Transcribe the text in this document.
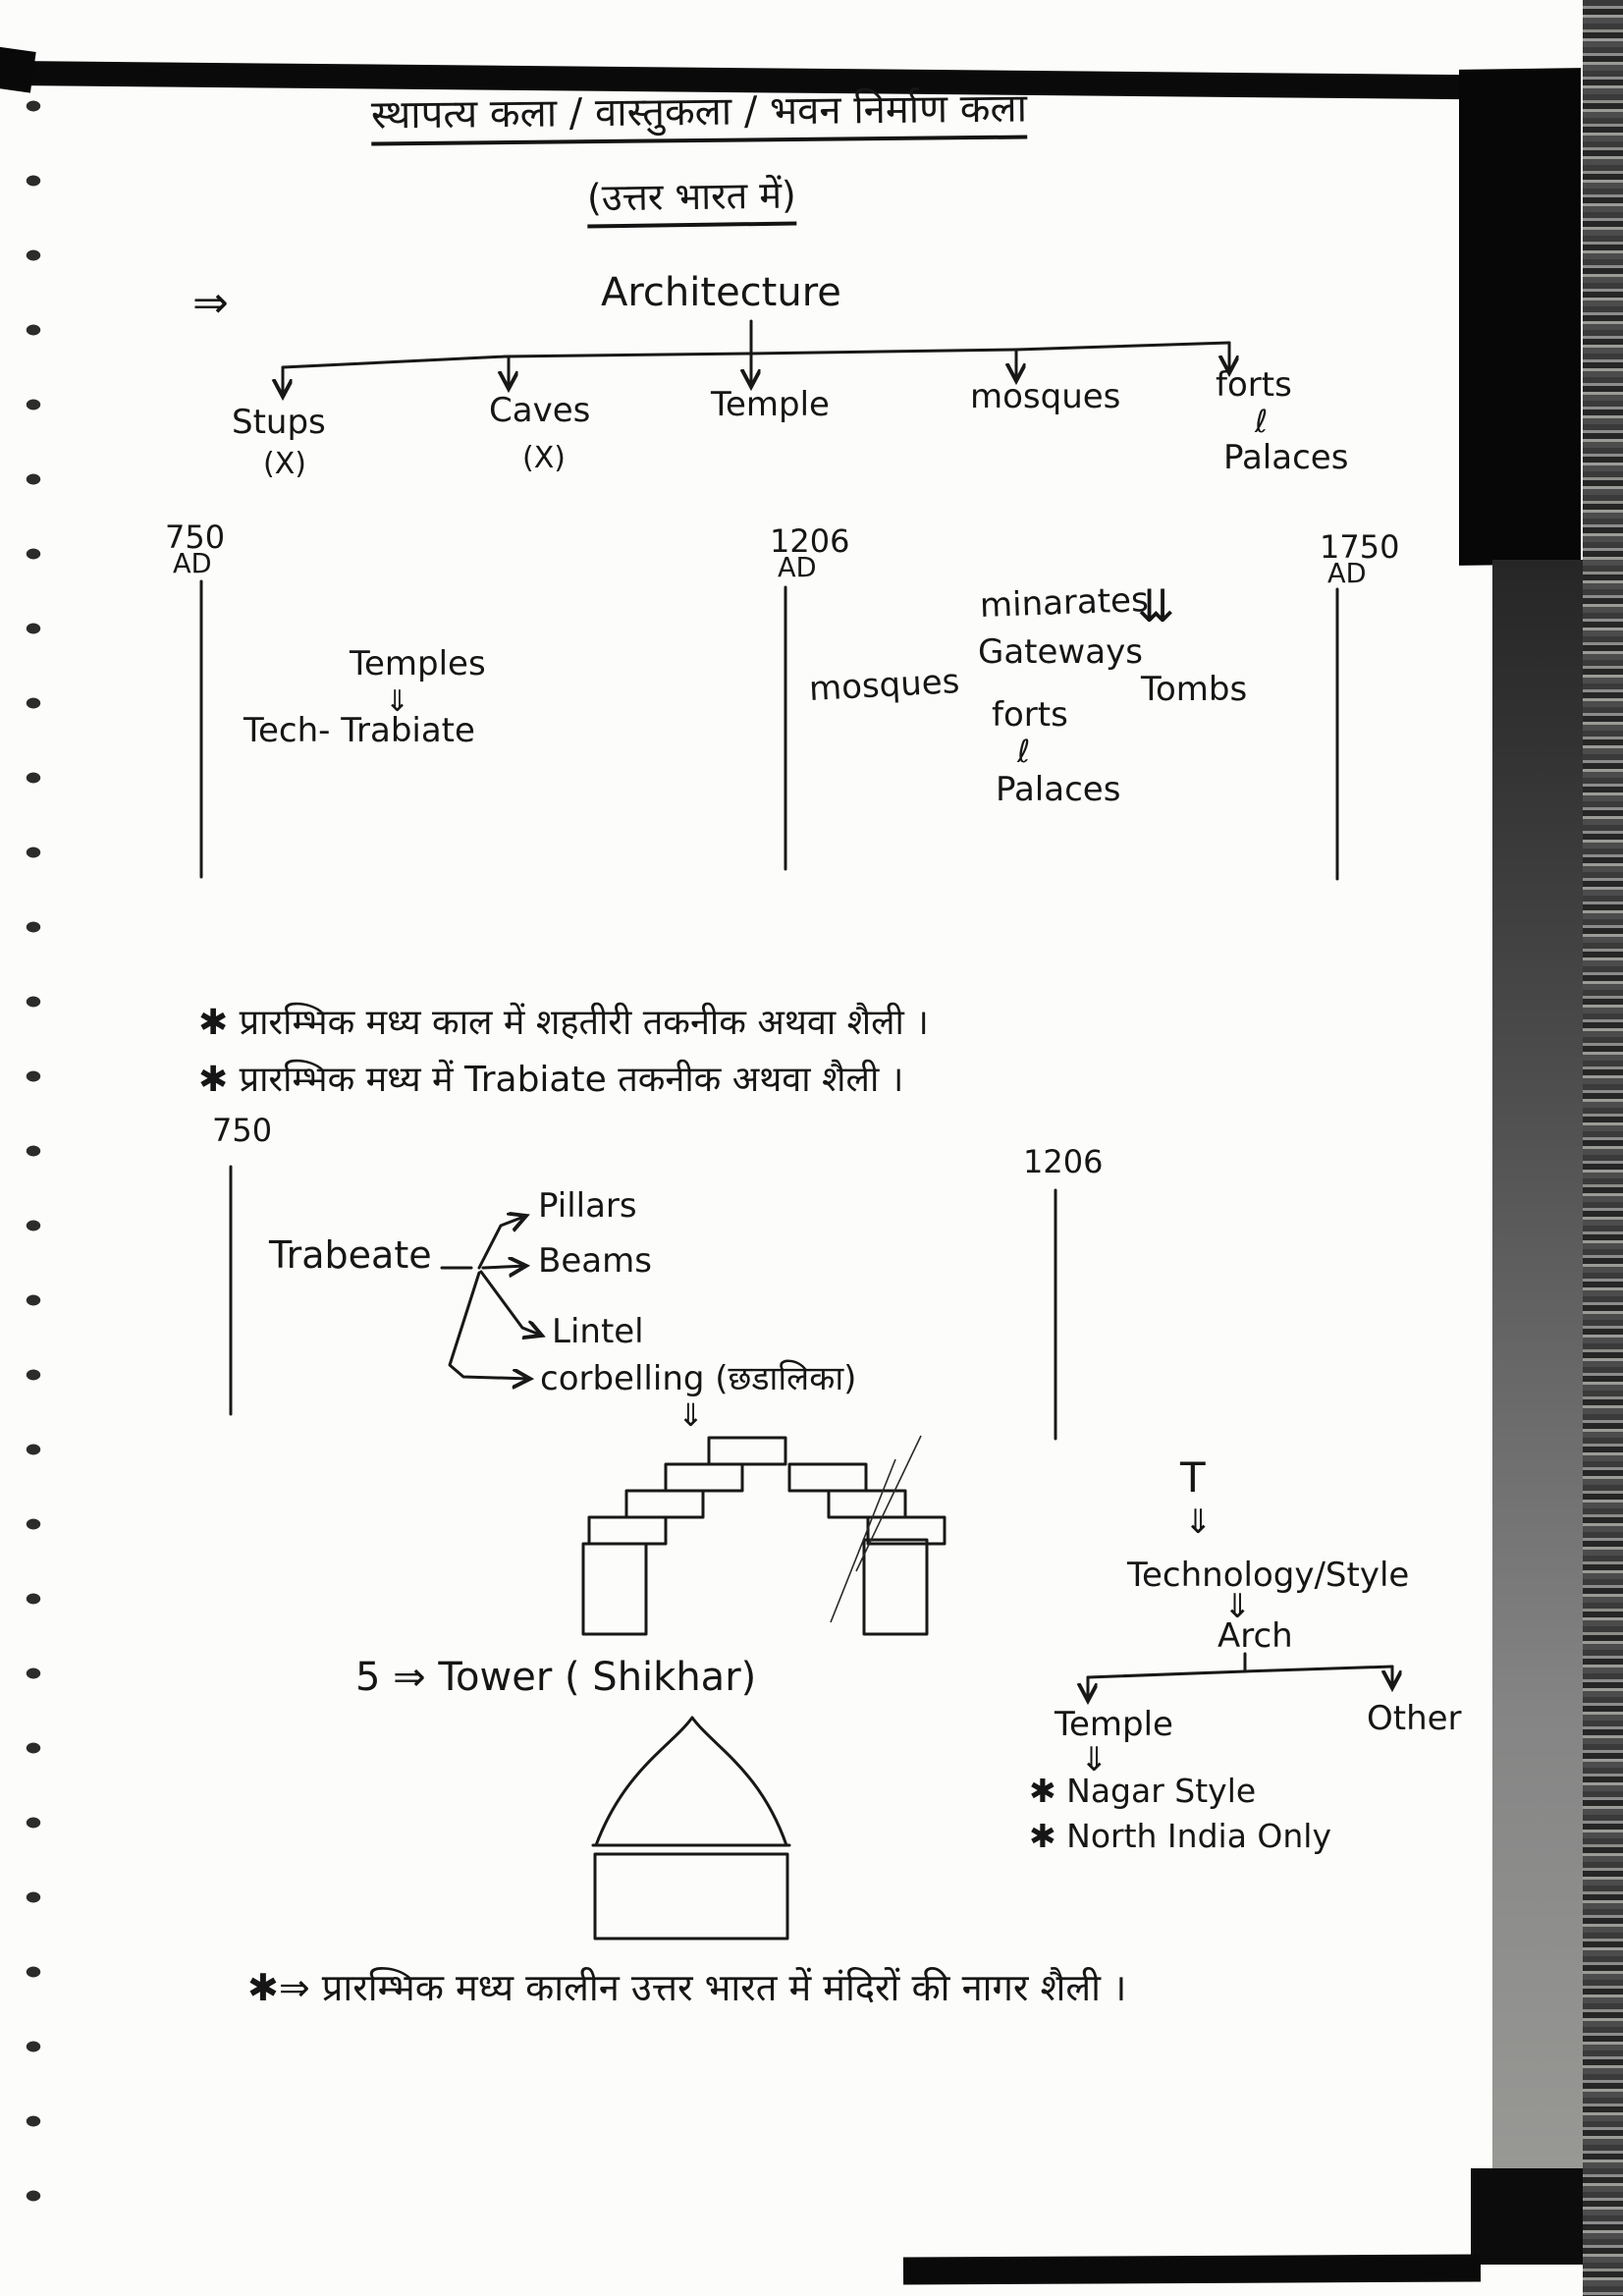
स्थापत्य कला / वास्तुकला / भवन निर्माण कला
(उत्तर भारत में)
⇒	Architecture
Stups
(X)
Caves
(X)
Temple	mosques	forts
ℓ
Palaces
750
AD
1206
AD
1750
AD
Temples
⇓
Tech- Trabiate
mosques
minarates
⇊
Gateways
forts
ℓ
Palaces
Tombs
✱ प्रारम्भिक मध्य काल में शहतीरी तकनीक अथवा शैली ।
✱ प्रारम्भिक मध्य में Trabiate तकनीक अथवा शैली ।
750
1206
Trabeate
Pillars
Beams
Lintel
corbelling (छडालिका)
⇓
5 ⇒ Tower ( Shikhar)
T
⇓
Technology/Style
⇓
Arch
Temple	Other
⇓
✱ Nagar Style
✱ North India Only
✱⇒ प्रारम्भिक मध्य कालीन उत्तर भारत में मंदिरों की नागर शैली ।
